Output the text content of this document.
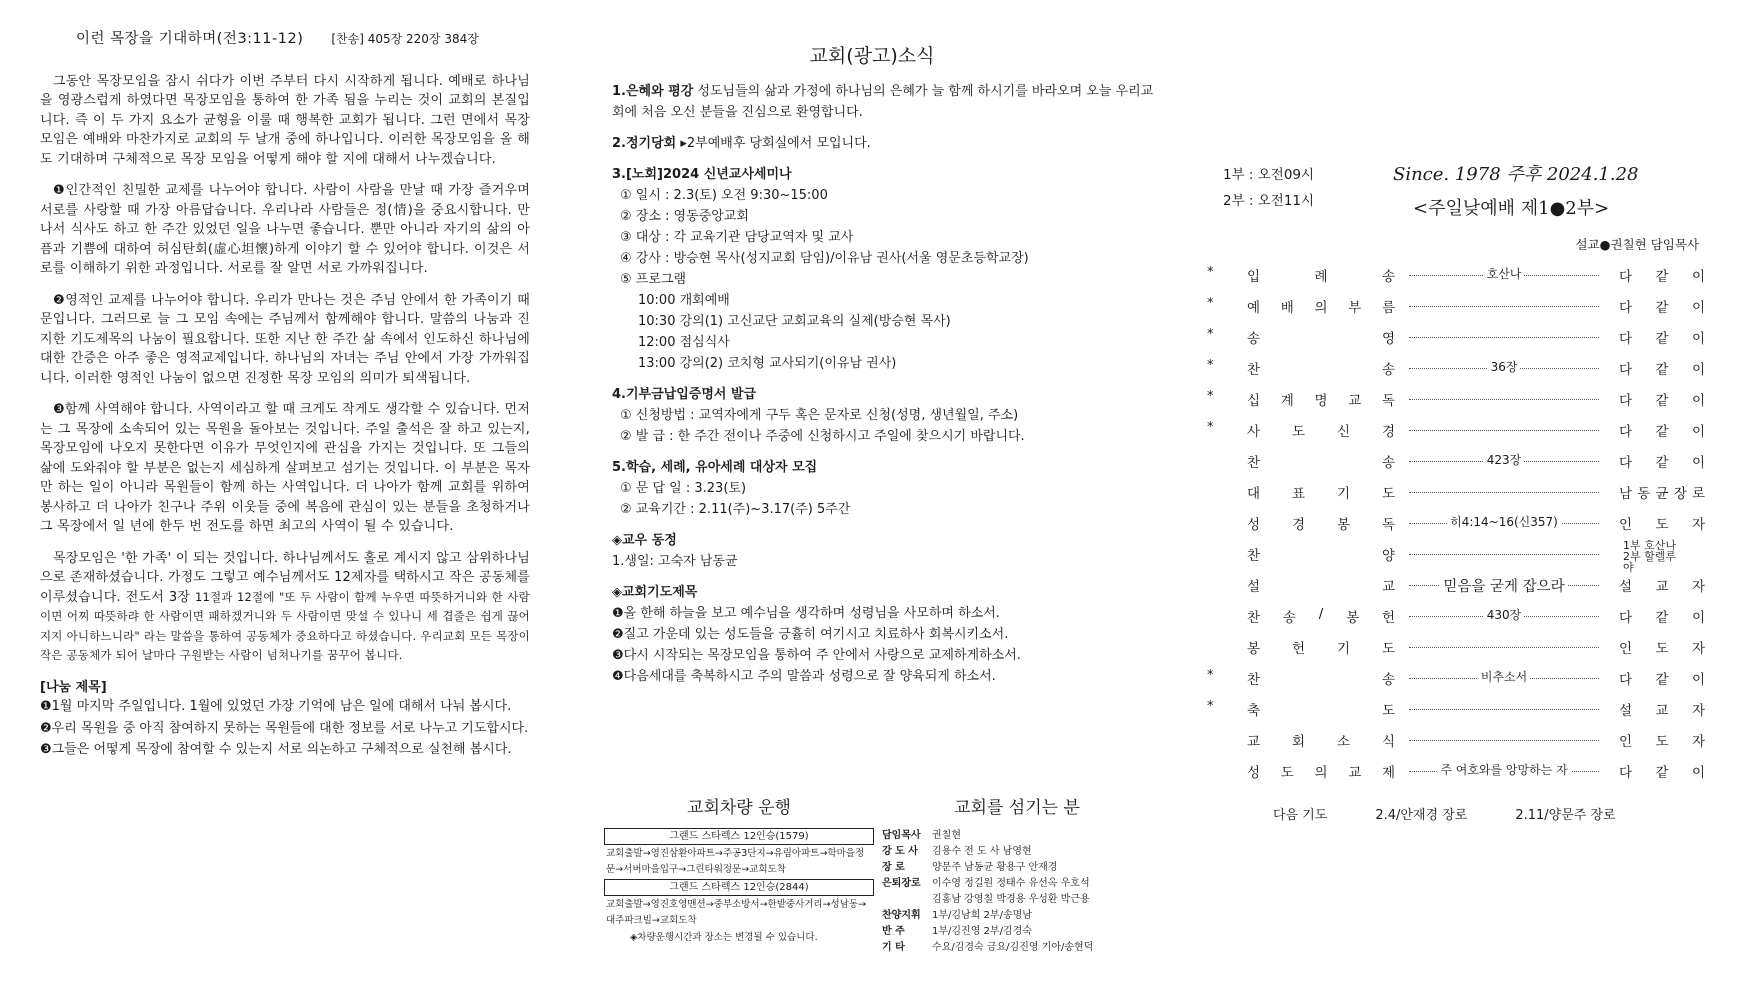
이런 목장을 기대하며(전3:11-12) [찬송] 405장 220장 384장

그동안 목장모임을 잠시 쉬다가 이번 주부터 다시 시작하게 됩니다. 예배로 하나님을 영광스럽게 하였다면 목장모임을 통하여 한 가족 됨을 누리는 것이 교회의 본질입니다. 즉 이 두 가지 요소가 균형을 이룰 때 행복한 교회가 됩니다. 그런 면에서 목장모임은 예배와 마찬가지로 교회의 두 날개 중에 하나입니다. 이러한 목장모임을 올 해도 기대하며 구체적으로 목장 모임을 어떻게 해야 할 지에 대해서 나누겠습니다.

❶인간적인 친밀한 교제를 나누어야 합니다. 사람이 사람을 만날 때 가장 즐거우며 서로를 사랑할 때 가장 아름답습니다. 우리나라 사람들은 정(情)을 중요시합니다. 만나서 식사도 하고 한 주간 있었던 일을 나누면 좋습니다. 뿐만 아니라 자기의 삶의 아픔과 기쁨에 대하여 허심탄회(虛心坦懷)하게 이야기 할 수 있어야 합니다. 이것은 서로를 이해하기 위한 과정입니다. 서로를 잘 알면 서로 가까워집니다.

❷영적인 교제를 나누어야 합니다. 우리가 만나는 것은 주님 안에서 한 가족이기 때문입니다. 그러므로 늘 그 모임 속에는 주님께서 함께해야 합니다. 말씀의 나눔과 진지한 기도제목의 나눔이 필요합니다. 또한 지난 한 주간 삶 속에서 인도하신 하나님에 대한 간증은 아주 좋은 영적교제입니다. 하나님의 자녀는 주님 안에서 가장 가까워집니다. 이러한 영적인 나눔이 없으면 진정한 목장 모임의 의미가 퇴색됩니다.

❸함께 사역해야 합니다. 사역이라고 할 때 크게도 작게도 생각할 수 있습니다. 먼저는 그 목장에 소속되어 있는 목원을 돌아보는 것입니다. 주일 출석은 잘 하고 있는지, 목장모임에 나오지 못한다면 이유가 무엇인지에 관심을 가지는 것입니다. 또 그들의 삶에 도와줘야 할 부분은 없는지 세심하게 살펴보고 섬기는 것입니다. 이 부분은 목자만 하는 일이 아니라 목원들이 함께 하는 사역입니다. 더 나아가 함께 교회를 위하여 봉사하고 더 나아가 친구나 주위 이웃들 중에 복음에 관심이 있는 분들을 초청하거나 그 목장에서 일 년에 한두 번 전도를 하면 최고의 사역이 될 수 있습니다.

목장모임은 '한 가족' 이 되는 것입니다. 하나님께서도 홀로 계시지 않고 삼위하나님으로 존재하셨습니다. 가정도 그렇고 예수님께서도 12제자를 택하시고 작은 공동체를 이루셨습니다. 전도서 3장 11절과 12절에 "또 두 사람이 함께 누우면 따뜻하거니와 한 사람이면 어찌 따뜻하랴 한 사람이면 패하겠거니와 두 사람이면 맞설 수 있나니 세 겹줄은 쉽게 끊어지지 아니하느니라" 라는 말씀을 통하여 공동체가 중요하다고 하셨습니다. 우리교회 모든 목장이 작은 공동체가 되어 날마다 구원받는 사람이 넘쳐나기를 꿈꾸어 봅니다.

[나눔 제목]
❶1월 마지막 주일입니다. 1월에 있었던 가장 기억에 남은 일에 대해서 나눠 봅시다.
❷우리 목원을 중 아직 참여하지 못하는 목원들에 대한 정보를 서로 나누고 기도합시다.
❸그들은 어떻게 목장에 참여할 수 있는지 서로 의논하고 구체적으로 실천해 봅시다.
교회(광고)소식
1.은혜와 평강 성도님들의 삶과 가정에 하나님의 은혜가 늘 함께 하시기를 바라오며 오늘 우리교회에 처음 오신 분들을 진심으로 환영합니다.
2.정기당회 ▸2부예배후 당회실에서 모입니다.
3.[노회]2024 신년교사세미나
① 일시 : 2.3(토) 오전 9:30~15:00
② 장소 : 영동중앙교회
③ 대상 : 각 교육기관 담당교역자 및 교사
④ 강사 : 방승현 목사(성지교회 담임)/이유남 권사(서울 영문초등학교장)
⑤ 프로그램
10:00 개회예배
10:30 강의(1) 고신교단 교회교육의 실제(방승현 목사)
12:00 점심식사
13:00 강의(2) 코치형 교사되기(이유남 권사)
4.기부금납입증명서 발급
① 신청방법 : 교역자에게 구두 혹은 문자로 신청(성명, 생년월일, 주소)
② 발 급 : 한 주간 전이나 주중에 신청하시고 주일에 찾으시기 바랍니다.
5.학습, 세례, 유아세례 대상자 모집
① 문 답 일 : 3.23(토)
② 교육기간 : 2.11(주)~3.17(주) 5주간
◈교우 동정
1.생일: 고숙자 남동균
◈교회기도제목
❶올 한해 하늘을 보고 예수님을 생각하며 성령님을 사모하며 하소서.
❷질고 가운데 있는 성도들을 긍휼히 여기시고 치료하사 회복시키소서.
❸다시 시작되는 목장모임을 통하여 주 안에서 사랑으로 교제하게하소서.
❹다음세대를 축복하시고 주의 말씀과 성령으로 잘 양육되게 하소서.
교회차량 운행
그랜드 스타렉스 12인승(1579)
교회출발→영진삼환아파트→주공3단지→유림아파트→학마을정문→서버마을입구→그린타워정문→교회도착
그랜드 스타렉스 12인승(2844)
교회출발→영진호영맨션→중부소방서→한밭중사거리→성남동→대주파크빌→교회도착
◈차량운행시간과 장소는 변경될 수 있습니다.
교회를 섬기는 분
담임목사	권칠현
강 도 사	김용수 전 도 사 남영현
장 로	양문주 남동균 황용구 안재경
은퇴장로	이수영 정길원 정태수 유선옥 우호석
김홍남 강영칠 박경용 우성환 박근용
찬양지휘	1부/김남희 2부/송명남
반 주	1부/김진영 2부/김경숙
기 타	수요/김경숙 금요/김진영 기아/송현덕
1부 : 오전09시
2부 : 오전11시
Since. 1978 주후 2024.1.28
<주일낮예배 제1●2부>
설교●권칠현 담임목사
* 입	례	송	호산나	다 같 이
* 예 배 의 부 름	다 같 이
* 송	영	다 같 이
* 찬	송	36장	다 같 이
* 십 계 명 교 독	다 같 이
* 사 도 신 경	다 같 이
찬	송	423장	다 같 이
대 표 기 도	남 동 균 장 로
성 경 봉 독	히4:14~16(신357)	인 도 자
찬	양
1부 호산나
2부 할렐루야
설	교	믿음을 굳게 잡으라	설 교 자
찬 송 / 봉 헌	430장	다 같 이
봉 헌 기 도	인 도 자
* 찬	송	비추소서	다 같 이
* 축	도	설 교 자
교 회 소 식	인 도 자
성 도 의 교 제	주 여호와를 앙망하는 자	다 같 이
다음 기도	2.4/안재경 장로	2.11/양문주 장로
